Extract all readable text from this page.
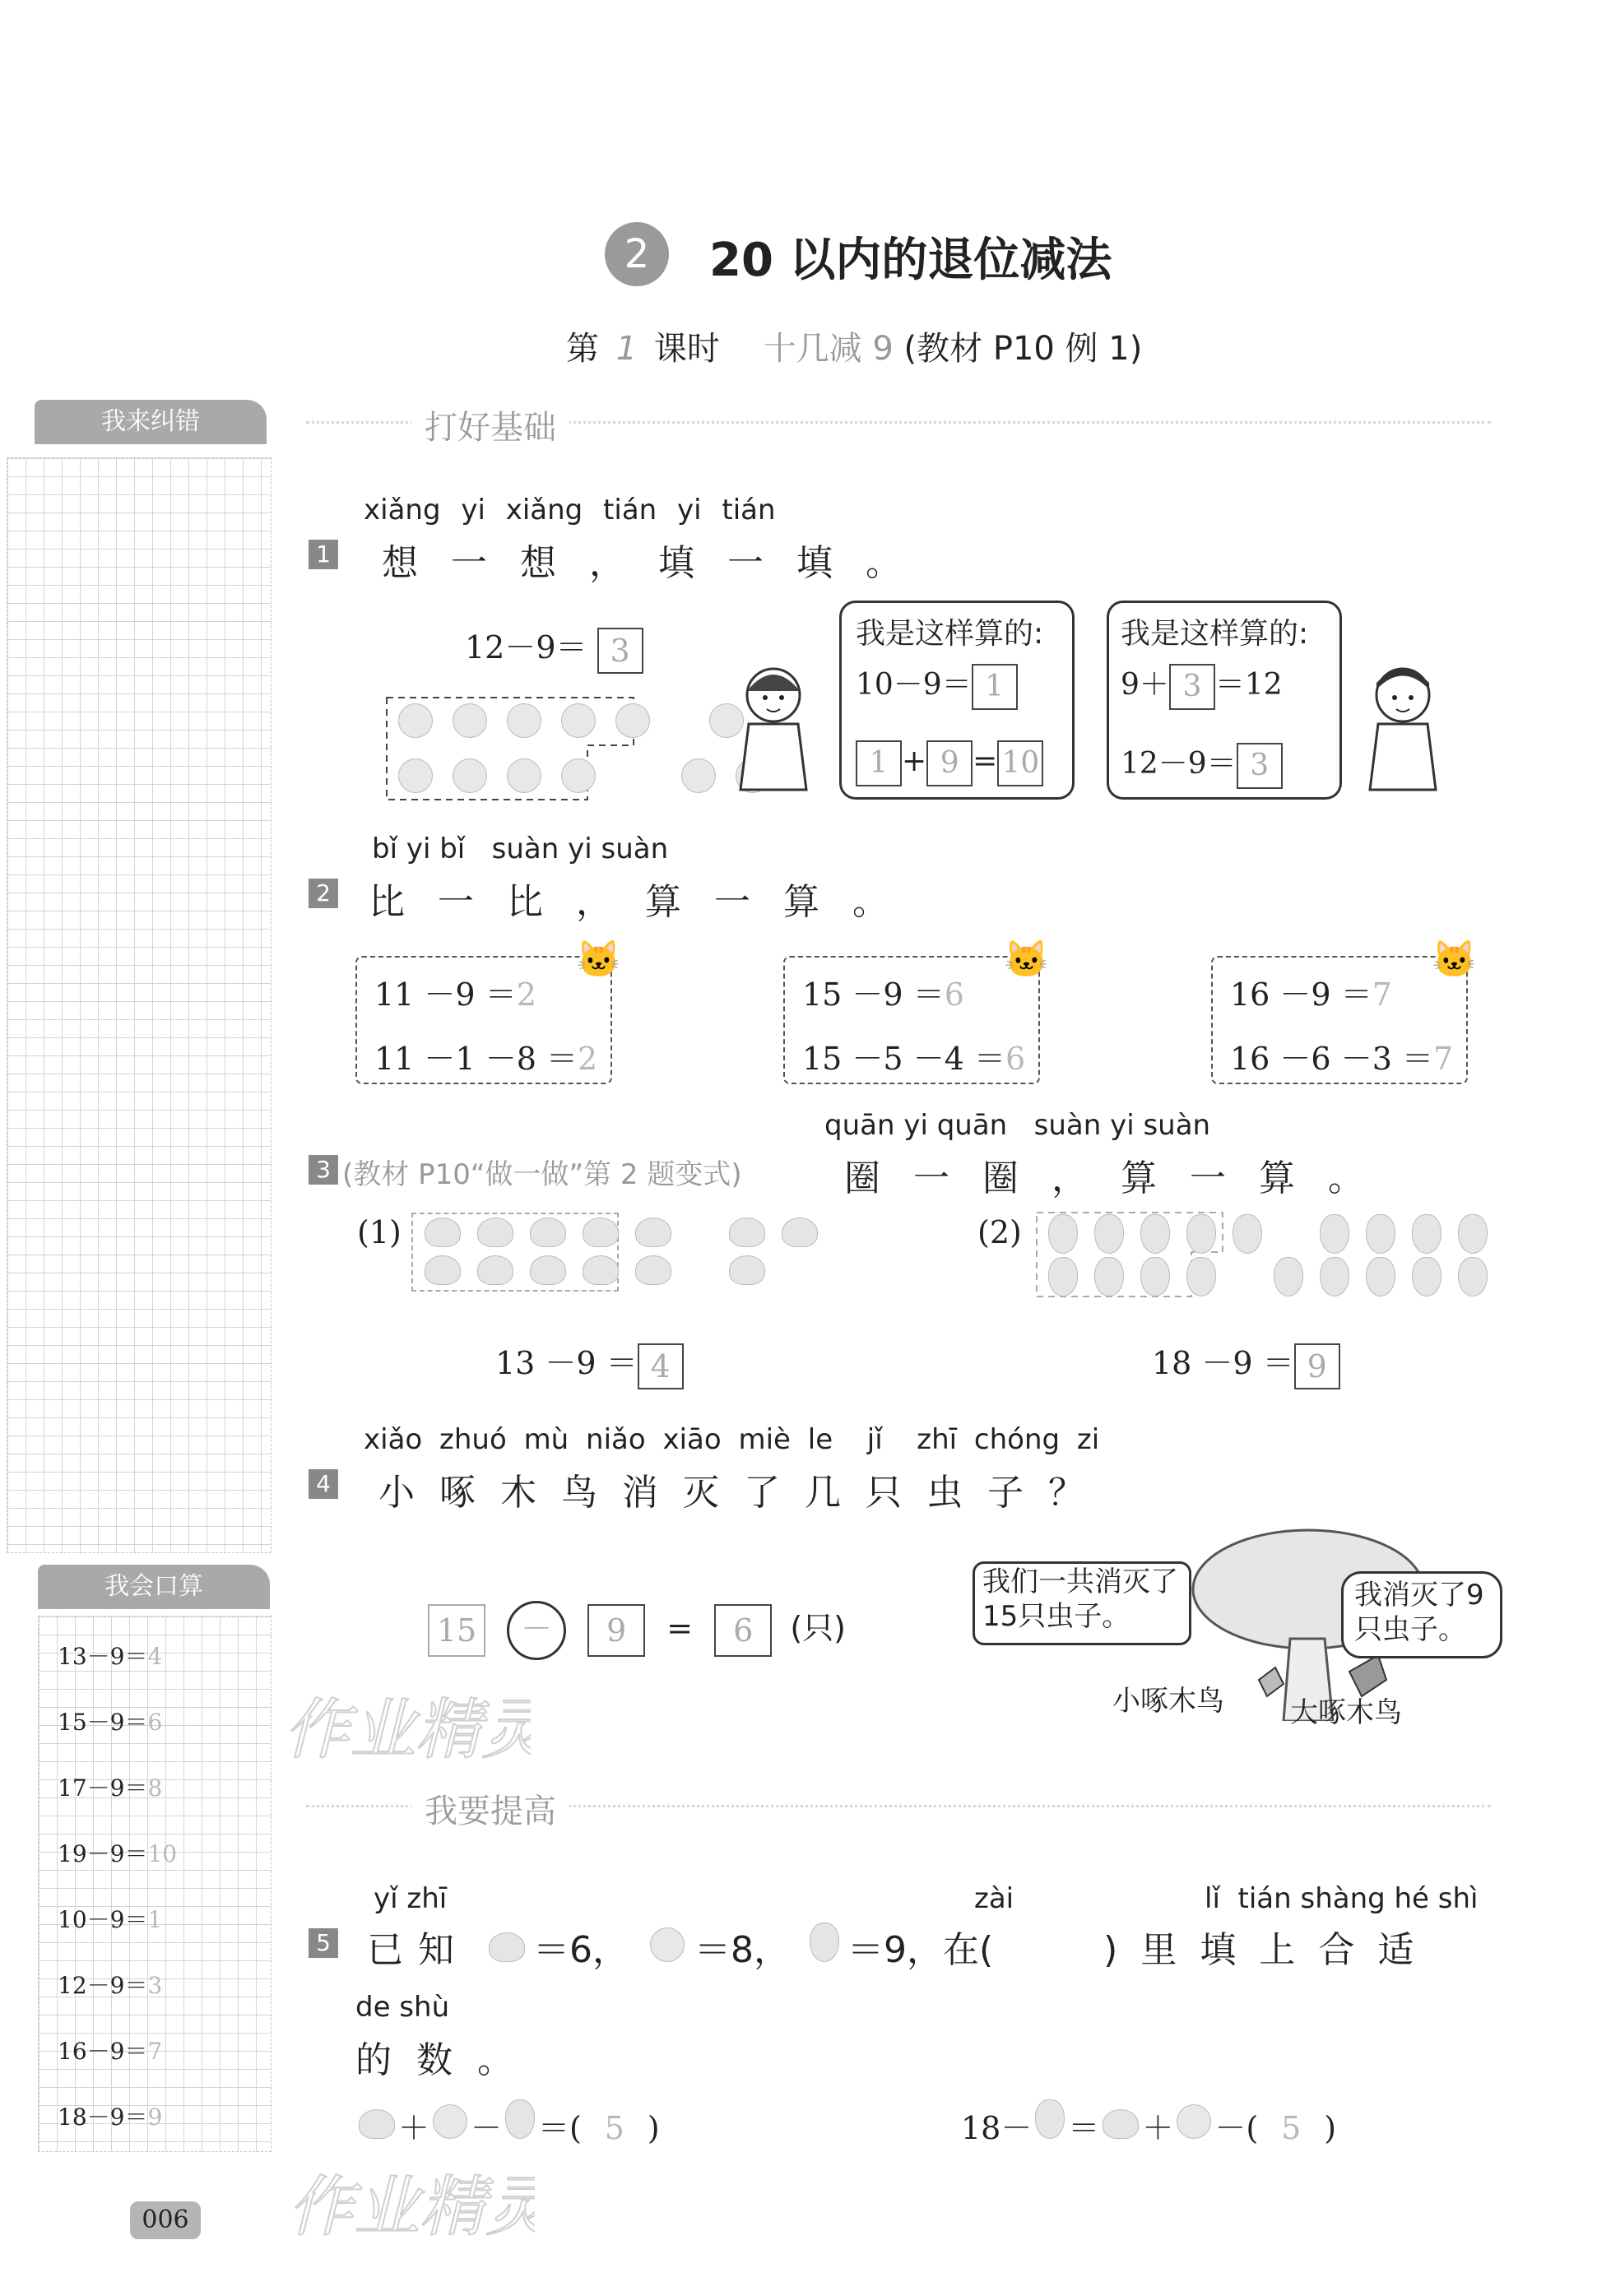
2	20 以内的退位减法
第 1 课时 十几减 9 (教材 P10 例 1)
我来纠错
我会口算
13－9＝4
15－9＝6
17－9＝8
19－9＝10
10－9＝1
12－9＝3
16－9＝7
18－9＝9
006
作业精灵
作业精灵
打好基础
xiǎng yi xiǎng tián yi tián
1 想一想，填一填。
12－9＝ 3	我是这样算的:
10－9＝ 1
1 + 9 = 10
我是这样算的:
9＋ 3 ＝12
12－9＝ 3
bǐ yi bǐ   suàn yi suàn
2 比一比，算一算。
11 －9 ＝2
11 －1 －8 ＝2
🐱
15 －9 ＝6
15 －5 －4 ＝6
🐱
16 －9 ＝7
16 －6 －3 ＝7
🐱
quān yi quān   suàn yi suàn
3 (教材 P10“做一做”第 2 题变式)	圈一圈，算一算。
(1)
13 －9 ＝ 4
(2)
18 －9 ＝ 9
xiǎo zhuó mù niǎo xiāo miè le  jǐ  zhī chóng zi
4 小啄木鸟消灭了几只虫子？
15 － 9 = 6 (只)
我们一共消灭了15只虫子。
我消灭了9只虫子。
小啄木鸟 大啄木鸟
我要提高
yǐ zhī	zài	lǐ  tián shàng hé shì
5 已知 ＝6， ＝8， ＝9，在(	)里填上合适
de shù
的数。
＋ － ＝( 5 )	18－ ＝ ＋ －( 5 )
